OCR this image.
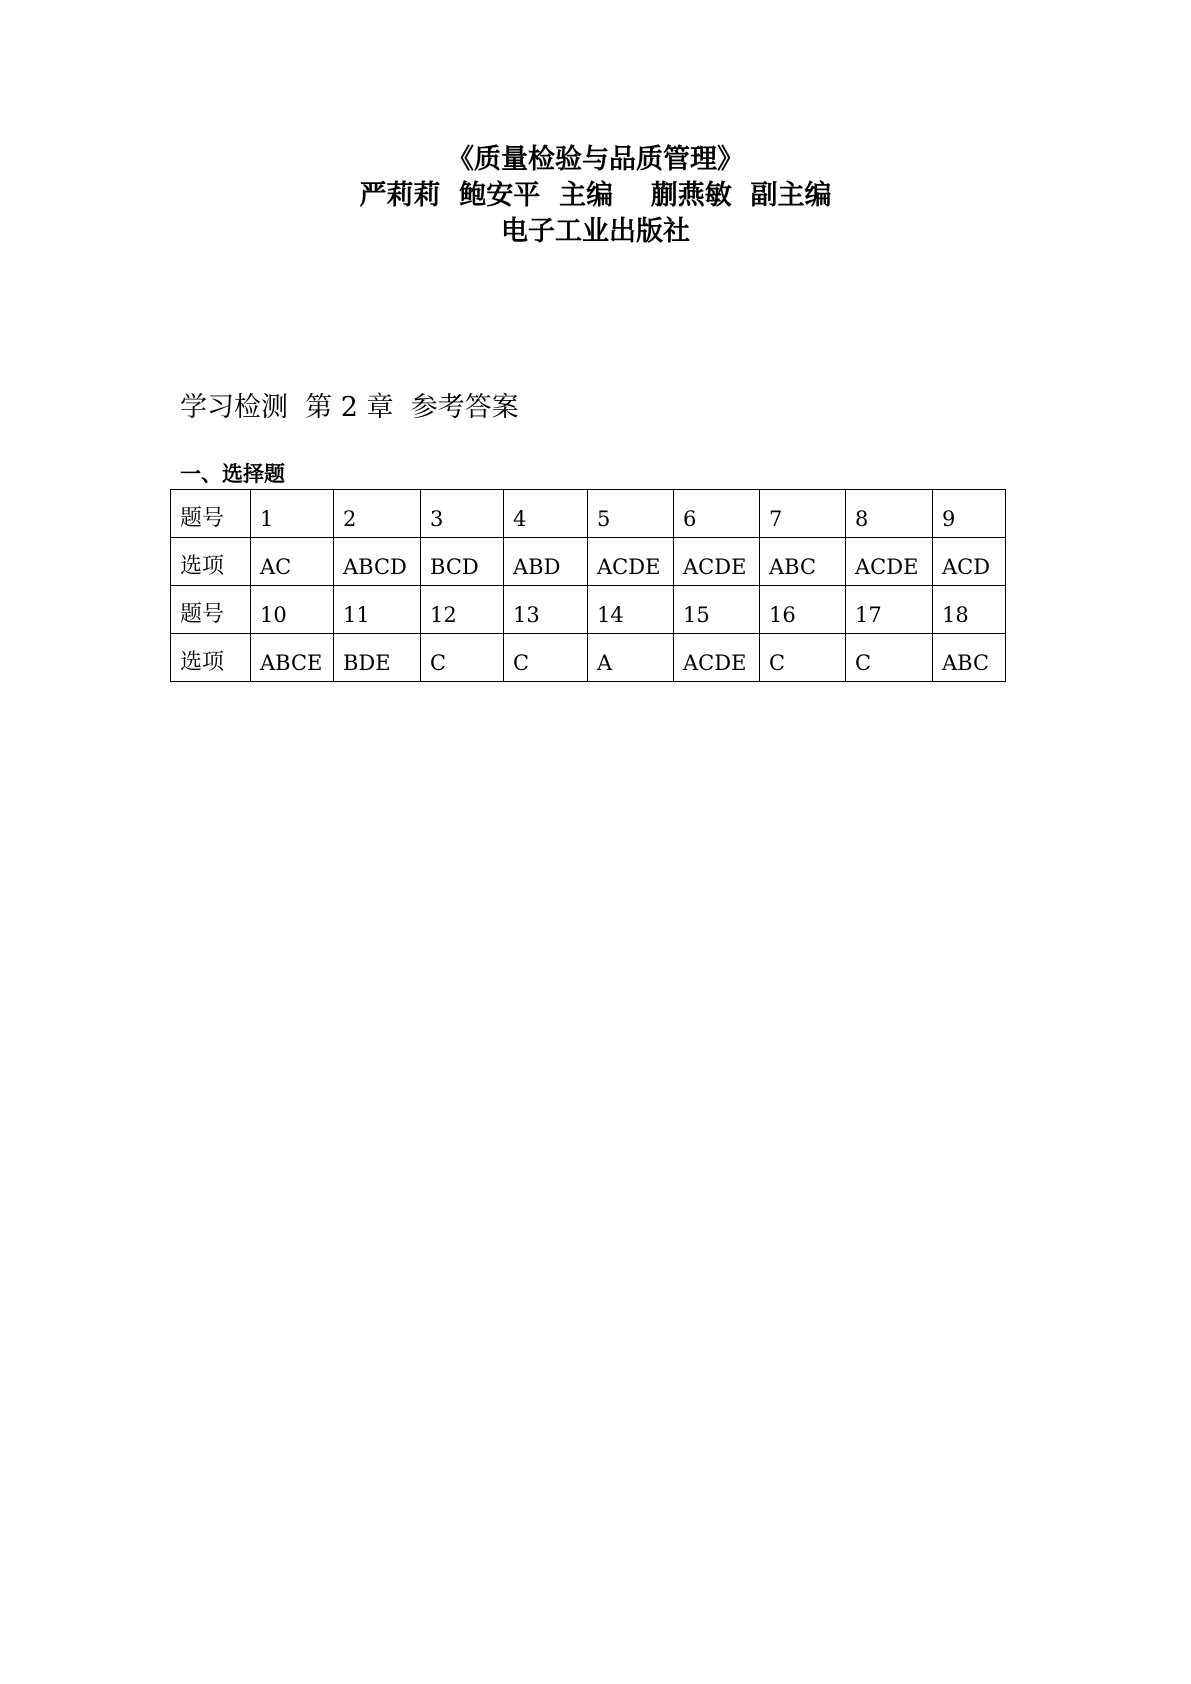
《质量检验与品质管理》
严莉莉  鲍安平  主编    蒯燕敏  副主编
电子工业出版社
学习检测  第 2 章  参考答案
一、选择题
题号	1	2	3	4	5	6	7	8	9
选项	AC	ABCD	BCD	ABD	ACDE	ACDE	ABC	ACDE	ACD
题号	10	11	12	13	14	15	16	17	18
选项	ABCE	BDE	C	C	A	ACDE	C	C	ABC
